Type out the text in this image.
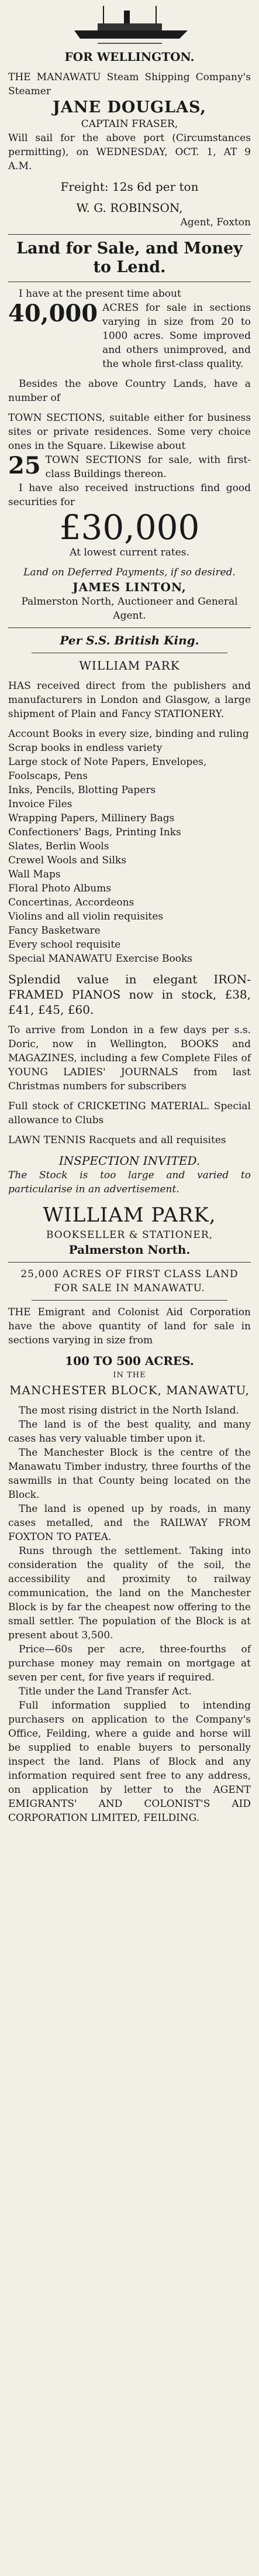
FOR WELLINGTON.

THE MANAWATU Steam Shipping Company's Steamer

JANE DOUGLAS,

CAPTAIN FRASER,

Will sail for the above port (Circumstances permitting), on WEDNESDAY, OCT. 1, AT 9 A.M.

Freight: 12s 6d per ton

W. G. ROBINSON,

Agent, Foxton

Land for Sale, and Money to Lend.

I have at the present time about

40,000 ACRES for sale in sections varying in size from 20 to 1000 acres. Some improved and others unimproved, and the whole first-class quality.

Besides the above Country Lands, have a number of

TOWN SECTIONS, suitable either for business sites or private residences. Some very choice ones in the Square. Likewise about

25 TOWN SECTIONS for sale, with first-class Buildings thereon.

I have also received instructions find good securities for

£30,000

At lowest current rates.

Land on Deferred Payments, if so desired.

JAMES LINTON,

Palmerston North, Auctioneer and General Agent.

Per S.S. British King.

WILLIAM PARK

HAS received direct from the publishers and manufacturers in London and Glasgow, a large shipment of Plain and Fancy STATIONERY.

Account Books in every size, binding and ruling

Scrap books in endless variety

Large stock of Note Papers, Envelopes, Foolscaps, Pens

Inks, Pencils, Blotting Papers

Invoice Files

Wrapping Papers, Millinery Bags

Confectioners' Bags, Printing Inks

Slates, Berlin Wools

Crewel Wools and Silks

Wall Maps

Floral Photo Albums

Concertinas, Accordeons

Violins and all violin requisites

Fancy Basketware

Every school requisite

Special MANAWATU Exercise Books

Splendid value in elegant IRON-FRAMED PIANOS now in stock, £38, £41, £45, £60.

To arrive from London in a few days per s.s. Doric, now in Wellington, BOOKS and MAGAZINES, including a few Complete Files of YOUNG LADIES' JOURNALS from last Christmas numbers for subscribers

Full stock of CRICKETING MATERIAL. Special allowance to Clubs

LAWN TENNIS Racquets and all requisites

INSPECTION INVITED.

The Stock is too large and varied to particularise in an advertisement.

WILLIAM PARK,

BOOKSELLER & STATIONER,

Palmerston North.

25,000 ACRES OF FIRST CLASS LAND FOR SALE IN MANAWATU.

THE Emigrant and Colonist Aid Corporation have the above quantity of land for sale in sections varying in size from

100 TO 500 ACRES.

IN THE

MANCHESTER BLOCK, MANAWATU,

The most rising district in the North Island.

The land is of the best quality, and many cases has very valuable timber upon it.

The Manchester Block is the centre of the Manawatu Timber industry, three fourths of the sawmills in that County being located on the Block.

The land is opened up by roads, in many cases metalled, and the RAILWAY FROM FOXTON TO PATEA.

Runs through the settlement. Taking into consideration the quality of the soil, the accessibility and proximity to railway communication, the land on the Manchester Block is by far the cheapest now offering to the small settler. The population of the Block is at present about 3,500.

Price—60s per acre, three-fourths of purchase money may remain on mortgage at seven per cent, for five years if required.

Title under the Land Transfer Act.

Full information supplied to intending purchasers on application to the Company's Office, Feilding, where a guide and horse will be supplied to enable buyers to personally inspect the land. Plans of Block and any information required sent free to any address, on application by letter to the AGENT EMIGRANTS' AND COLONIST'S AID CORPORATION LIMITED, FEILDING.
